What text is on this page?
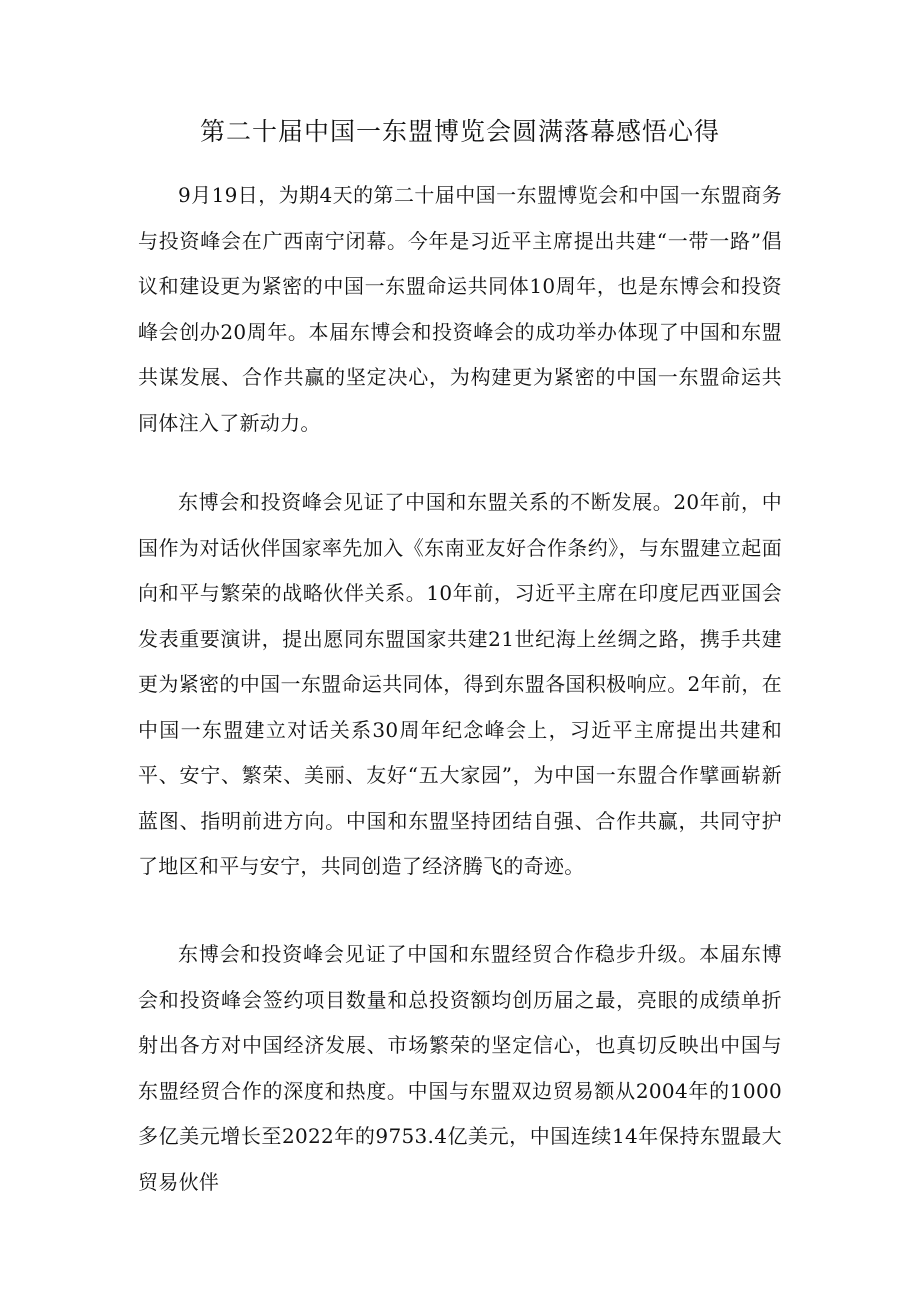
第二十届中国一东盟博览会圆满落幕感悟心得

9月19日，为期4天的第二十届中国一东盟博览会和中国一东盟商务与投资峰会在广西南宁闭幕。今年是习近平主席提出共建“一带一路”倡议和建设更为紧密的中国一东盟命运共同体10周年，也是东博会和投资峰会创办20周年。本届东博会和投资峰会的成功举办体现了中国和东盟共谋发展、合作共赢的坚定决心，为构建更为紧密的中国一东盟命运共同体注入了新动力。

东博会和投资峰会见证了中国和东盟关系的不断发展。20年前，中国作为对话伙伴国家率先加入《东南亚友好合作条约》，与东盟建立起面向和平与繁荣的战略伙伴关系。10年前，习近平主席在印度尼西亚国会发表重要演讲，提出愿同东盟国家共建21世纪海上丝绸之路，携手共建更为紧密的中国一东盟命运共同体，得到东盟各国积极响应。2年前，在中国一东盟建立对话关系30周年纪念峰会上，习近平主席提出共建和平、安宁、繁荣、美丽、友好“五大家园”，为中国一东盟合作擘画崭新蓝图、指明前进方向。中国和东盟坚持团结自强、合作共赢，共同守护了地区和平与安宁，共同创造了经济腾飞的奇迹。

东博会和投资峰会见证了中国和东盟经贸合作稳步升级。本届东博会和投资峰会签约项目数量和总投资额均创历届之最，亮眼的成绩单折射出各方对中国经济发展、市场繁荣的坚定信心，也真切反映出中国与东盟经贸合作的深度和热度。中国与东盟双边贸易额从2004年的1000多亿美元增长至2022年的9753.4亿美元，中国连续14年保持东盟最大贸易伙伴
